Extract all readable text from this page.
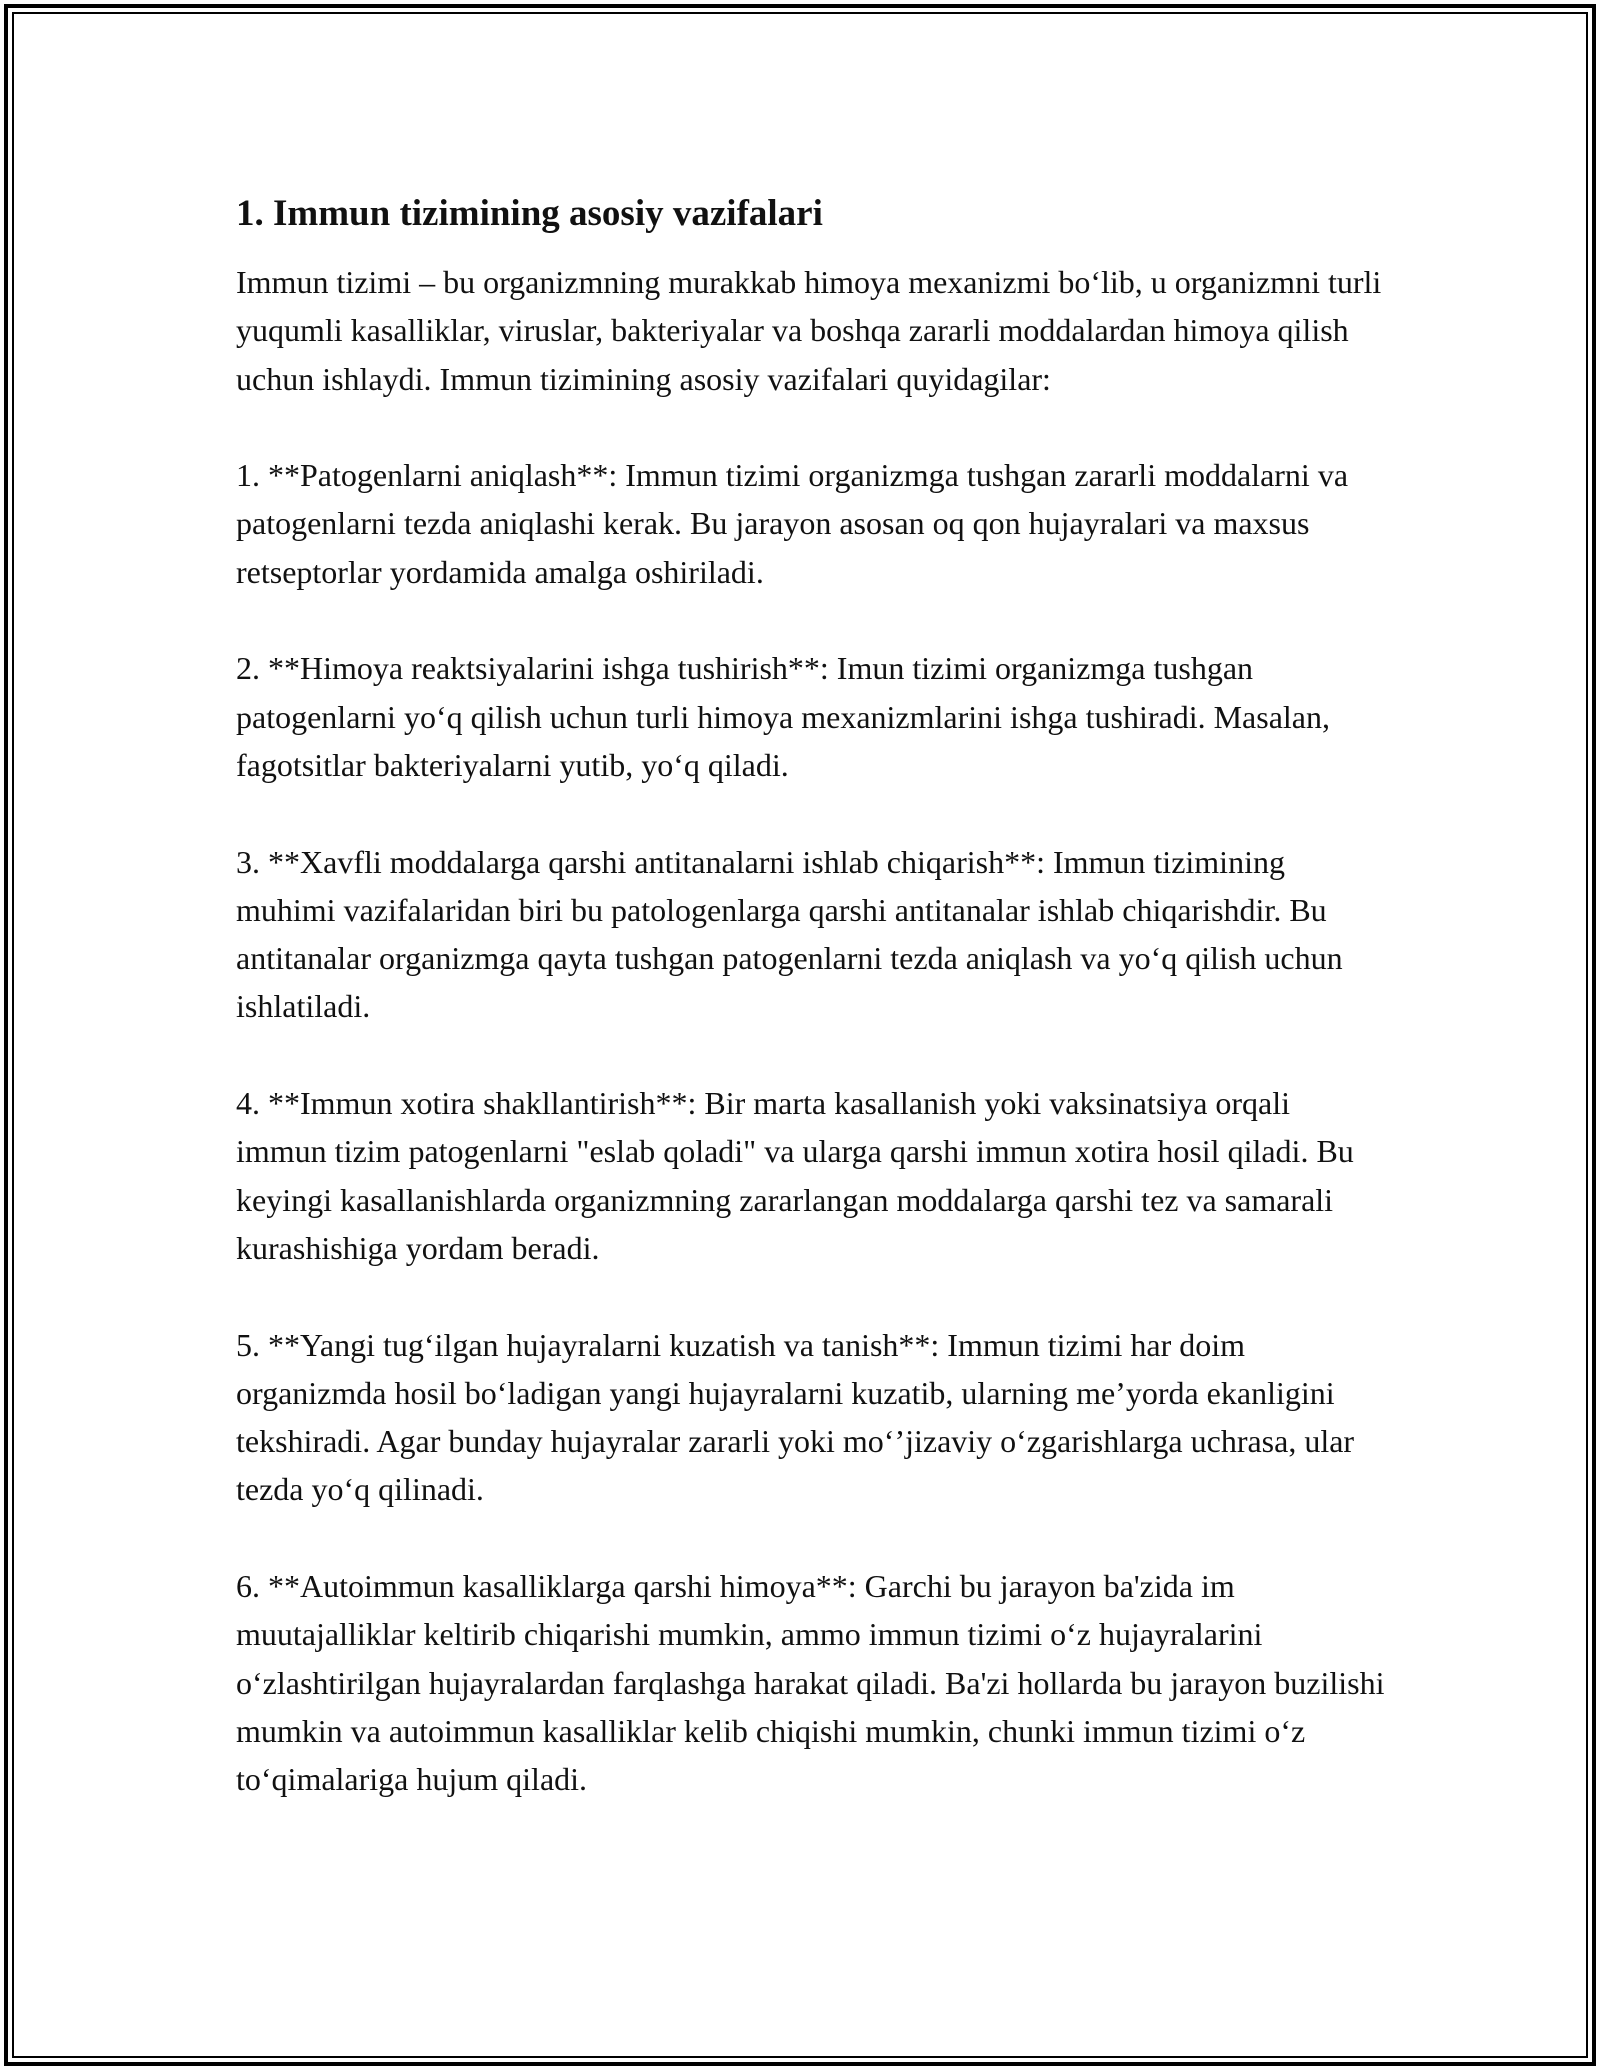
1. Immun tizimining asosiy vazifalari

Immun tizimi – bu organizmning murakkab himoya mexanizmi bo‘lib, u organizmni turli yuqumli kasalliklar, viruslar, bakteriyalar va boshqa zararli moddalardan himoya qilish uchun ishlaydi. Immun tizimining asosiy vazifalari quyidagilar:

1. **Patogenlarni aniqlash**: Immun tizimi organizmga tushgan zararli moddalarni va patogenlarni tezda aniqlashi kerak. Bu jarayon asosan oq qon hujayralari va maxsus retseptorlar yordamida amalga oshiriladi.

2. **Himoya reaktsiyalarini ishga tushirish**: Imun tizimi organizmga tushgan patogenlarni yo‘q qilish uchun turli himoya mexanizmlarini ishga tushiradi. Masalan, fagotsitlar bakteriyalarni yutib, yo‘q qiladi.

3. **Xavfli moddalarga qarshi antitanalarni ishlab chiqarish**: Immun tizimining muhimi vazifalaridan biri bu patologenlarga qarshi antitanalar ishlab chiqarishdir. Bu antitanalar organizmga qayta tushgan patogenlarni tezda aniqlash va yo‘q qilish uchun ishlatiladi.

4. **Immun xotira shakllantirish**: Bir marta kasallanish yoki vaksinatsiya orqali immun tizim patogenlarni "eslab qoladi" va ularga qarshi immun xotira hosil qiladi. Bu keyingi kasallanishlarda organizmning zararlangan moddalarga qarshi tez va samarali kurashishiga yordam beradi.

5. **Yangi tug‘ilgan hujayralarni kuzatish va tanish**: Immun tizimi har doim organizmda hosil bo‘ladigan yangi hujayralarni kuzatib, ularning me’yorda ekanligini tekshiradi. Agar bunday hujayralar zararli yoki mo‘’jizaviy o‘zgarishlarga uchrasa, ular tezda yo‘q qilinadi.

6. **Autoimmun kasalliklarga qarshi himoya**: Garchi bu jarayon ba'zida im muutajalliklar keltirib chiqarishi mumkin, ammo immun tizimi o‘z hujayralarini o‘zlashtirilgan hujayralardan farqlashga harakat qiladi. Ba'zi hollarda bu jarayon buzilishi mumkin va autoimmun kasalliklar kelib chiqishi mumkin, chunki immun tizimi o‘z to‘qimalariga hujum qiladi.
